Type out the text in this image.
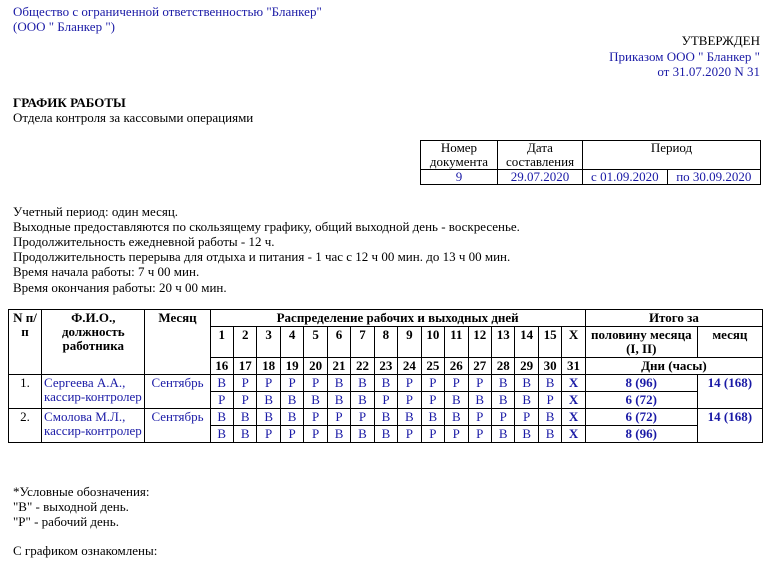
Общество с ограниченной ответственностью "Бланкер"
(ООО " Бланкер ")
УТВЕРЖДЕН
Приказом ООО " Бланкер "
от 31.07.2020 N 31
ГРАФИК РАБОТЫ
Отдела контроля за кассовыми операциями
Номер документа	Дата составления	Период	
9	29.07.2020	с 01.09.2020	по 30.09.2020
Учетный период: один месяц.
Выходные предоставляются по скользящему графику, общий выходной день - воскресенье.
Продолжительность ежедневной работы - 12 ч.
Продолжительность перерыва для отдыха и питания - 1 час с 12 ч 00 мин. до 13 ч 00 мин.
Время начала работы: 7 ч 00 мин.
Время окончания работы: 20 ч 00 мин.
N п/п	Ф.И.О., должность работника	Месяц	Распределение рабочих и выходных дней																Итого за	
			1	2	3	4	5	6	7	8	9	10	11	12	13	14	15	X	половину месяца (I, II)	месяц
			16	17	18	19	20	21	22	23	24	25	26	27	28	29	30	31	Дни (часы)	
1.	Сергеева А.А., кассир-контролер	Сентябрь	В	Р	Р	Р	Р	В	В	В	Р	Р	Р	Р	В	В	В	Х	8 (96)	14 (168)
			Р	Р	В	В	В	В	В	Р	Р	Р	В	В	В	В	Р	Х	6 (72)	
2.	Смолова М.Л., кассир-контролер	Сентябрь	В	В	В	В	Р	Р	Р	В	В	В	В	Р	Р	Р	В	Х	6 (72)	14 (168)
			В	В	Р	Р	Р	В	В	В	Р	Р	Р	Р	В	В	В	Х	8 (96)	
*Условные обозначения:
"В" - выходной день.
"Р" - рабочий день.
С графиком ознакомлены:
